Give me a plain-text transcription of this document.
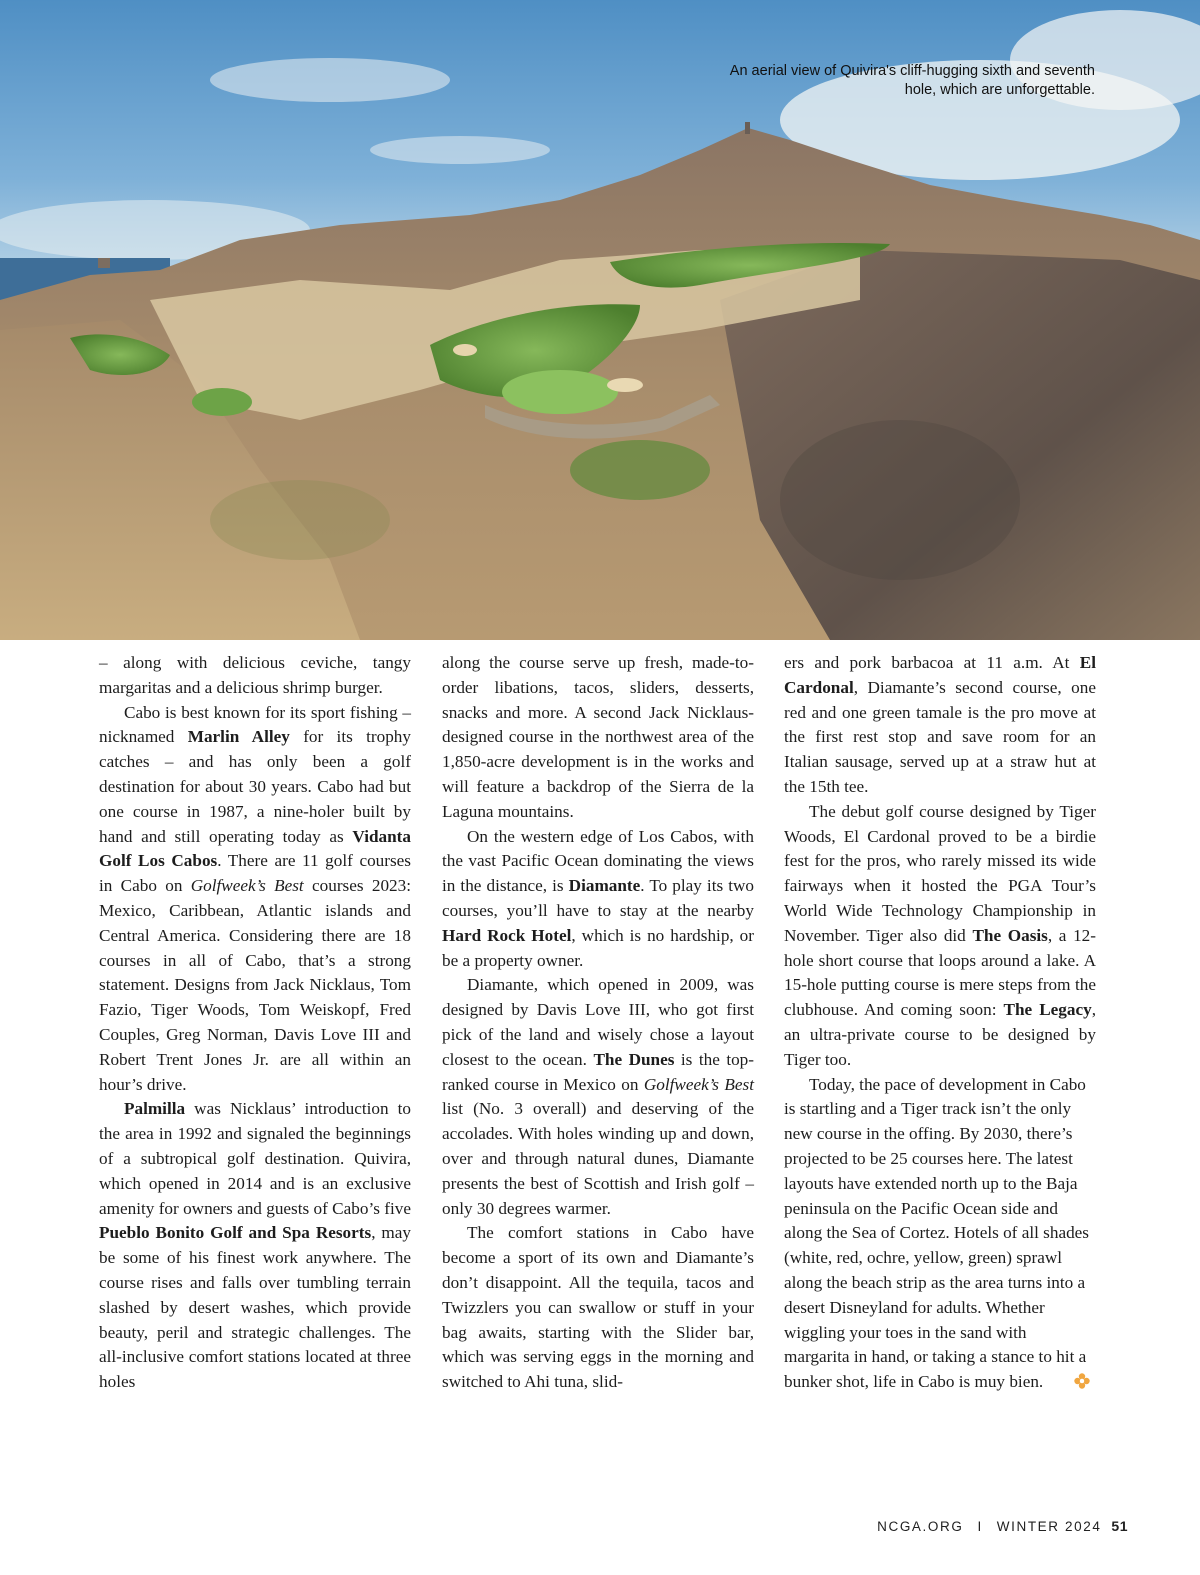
An aerial view of Quivira's cliff-hugging sixth and seventh hole, which are unforgettable.

– along with delicious ceviche, tangy margaritas and a delicious shrimp burger.

Cabo is best known for its sport fishing – nicknamed Marlin Alley for its trophy catches – and has only been a golf destination for about 30 years. Cabo had but one course in 1987, a nine-holer built by hand and still operating today as Vidanta Golf Los Cabos. There are 11 golf courses in Cabo on Golfweek’s Best courses 2023: Mexico, Caribbean, Atlantic islands and Central America. Considering there are 18 courses in all of Cabo, that’s a strong statement. Designs from Jack Nicklaus, Tom Fazio, Tiger Woods, Tom Weiskopf, Fred Couples, Greg Norman, Davis Love III and Robert Trent Jones Jr. are all within an hour’s drive.

Palmilla was Nicklaus’ introduction to the area in 1992 and signaled the beginnings of a subtropical golf destination. Quivira, which opened in 2014 and is an exclusive amenity for owners and guests of Cabo’s five Pueblo Bonito Golf and Spa Resorts, may be some of his finest work anywhere. The course rises and falls over tumbling terrain slashed by desert washes, which provide beauty, peril and strategic challenges. The all-inclusive comfort stations located at three holes

along the course serve up fresh, made-to-order libations, tacos, sliders, desserts, snacks and more. A second Jack Nicklaus-designed course in the northwest area of the 1,850-acre development is in the works and will feature a backdrop of the Sierra de la Laguna mountains.

On the western edge of Los Cabos, with the vast Pacific Ocean dominating the views in the distance, is Diamante. To play its two courses, you’ll have to stay at the nearby Hard Rock Hotel, which is no hardship, or be a property owner.

Diamante, which opened in 2009, was designed by Davis Love III, who got first pick of the land and wisely chose a layout closest to the ocean. The Dunes is the top-ranked course in Mexico on Golfweek’s Best list (No. 3 overall) and deserving of the accolades. With holes winding up and down, over and through natural dunes, Diamante presents the best of Scottish and Irish golf – only 30 degrees warmer.

The comfort stations in Cabo have become a sport of its own and Diamante’s don’t disappoint. All the tequila, tacos and Twizzlers you can swallow or stuff in your bag awaits, starting with the Slider bar, which was serving eggs in the morning and switched to Ahi tuna, slid-

ers and pork barbacoa at 11 a.m. At El Cardonal, Diamante’s second course, one red and one green tamale is the pro move at the first rest stop and save room for an Italian sausage, served up at a straw hut at the 15th tee.

The debut golf course designed by Tiger Woods, El Cardonal proved to be a birdie fest for the pros, who rarely missed its wide fairways when it hosted the PGA Tour’s World Wide Technology Championship in November. Tiger also did The Oasis, a 12-hole short course that loops around a lake. A 15-hole putting course is mere steps from the clubhouse. And coming soon: The Legacy, an ultra-private course to be designed by Tiger too.

Today, the pace of development in Cabo is startling and a Tiger track isn’t the only new course in the offing. By 2030, there’s projected to be 25 courses here. The latest layouts have extended north up to the Baja peninsula on the Pacific Ocean side and along the Sea of Cortez. Hotels of all shades (white, red, ochre, yellow, green) sprawl along the beach strip as the area turns into a desert Disneyland for adults. Whether wiggling your toes in the sand with margarita in hand, or taking a stance to hit a bunker shot, life in Cabo is muy bien.

NCGA.ORG I WINTER 2024 51
